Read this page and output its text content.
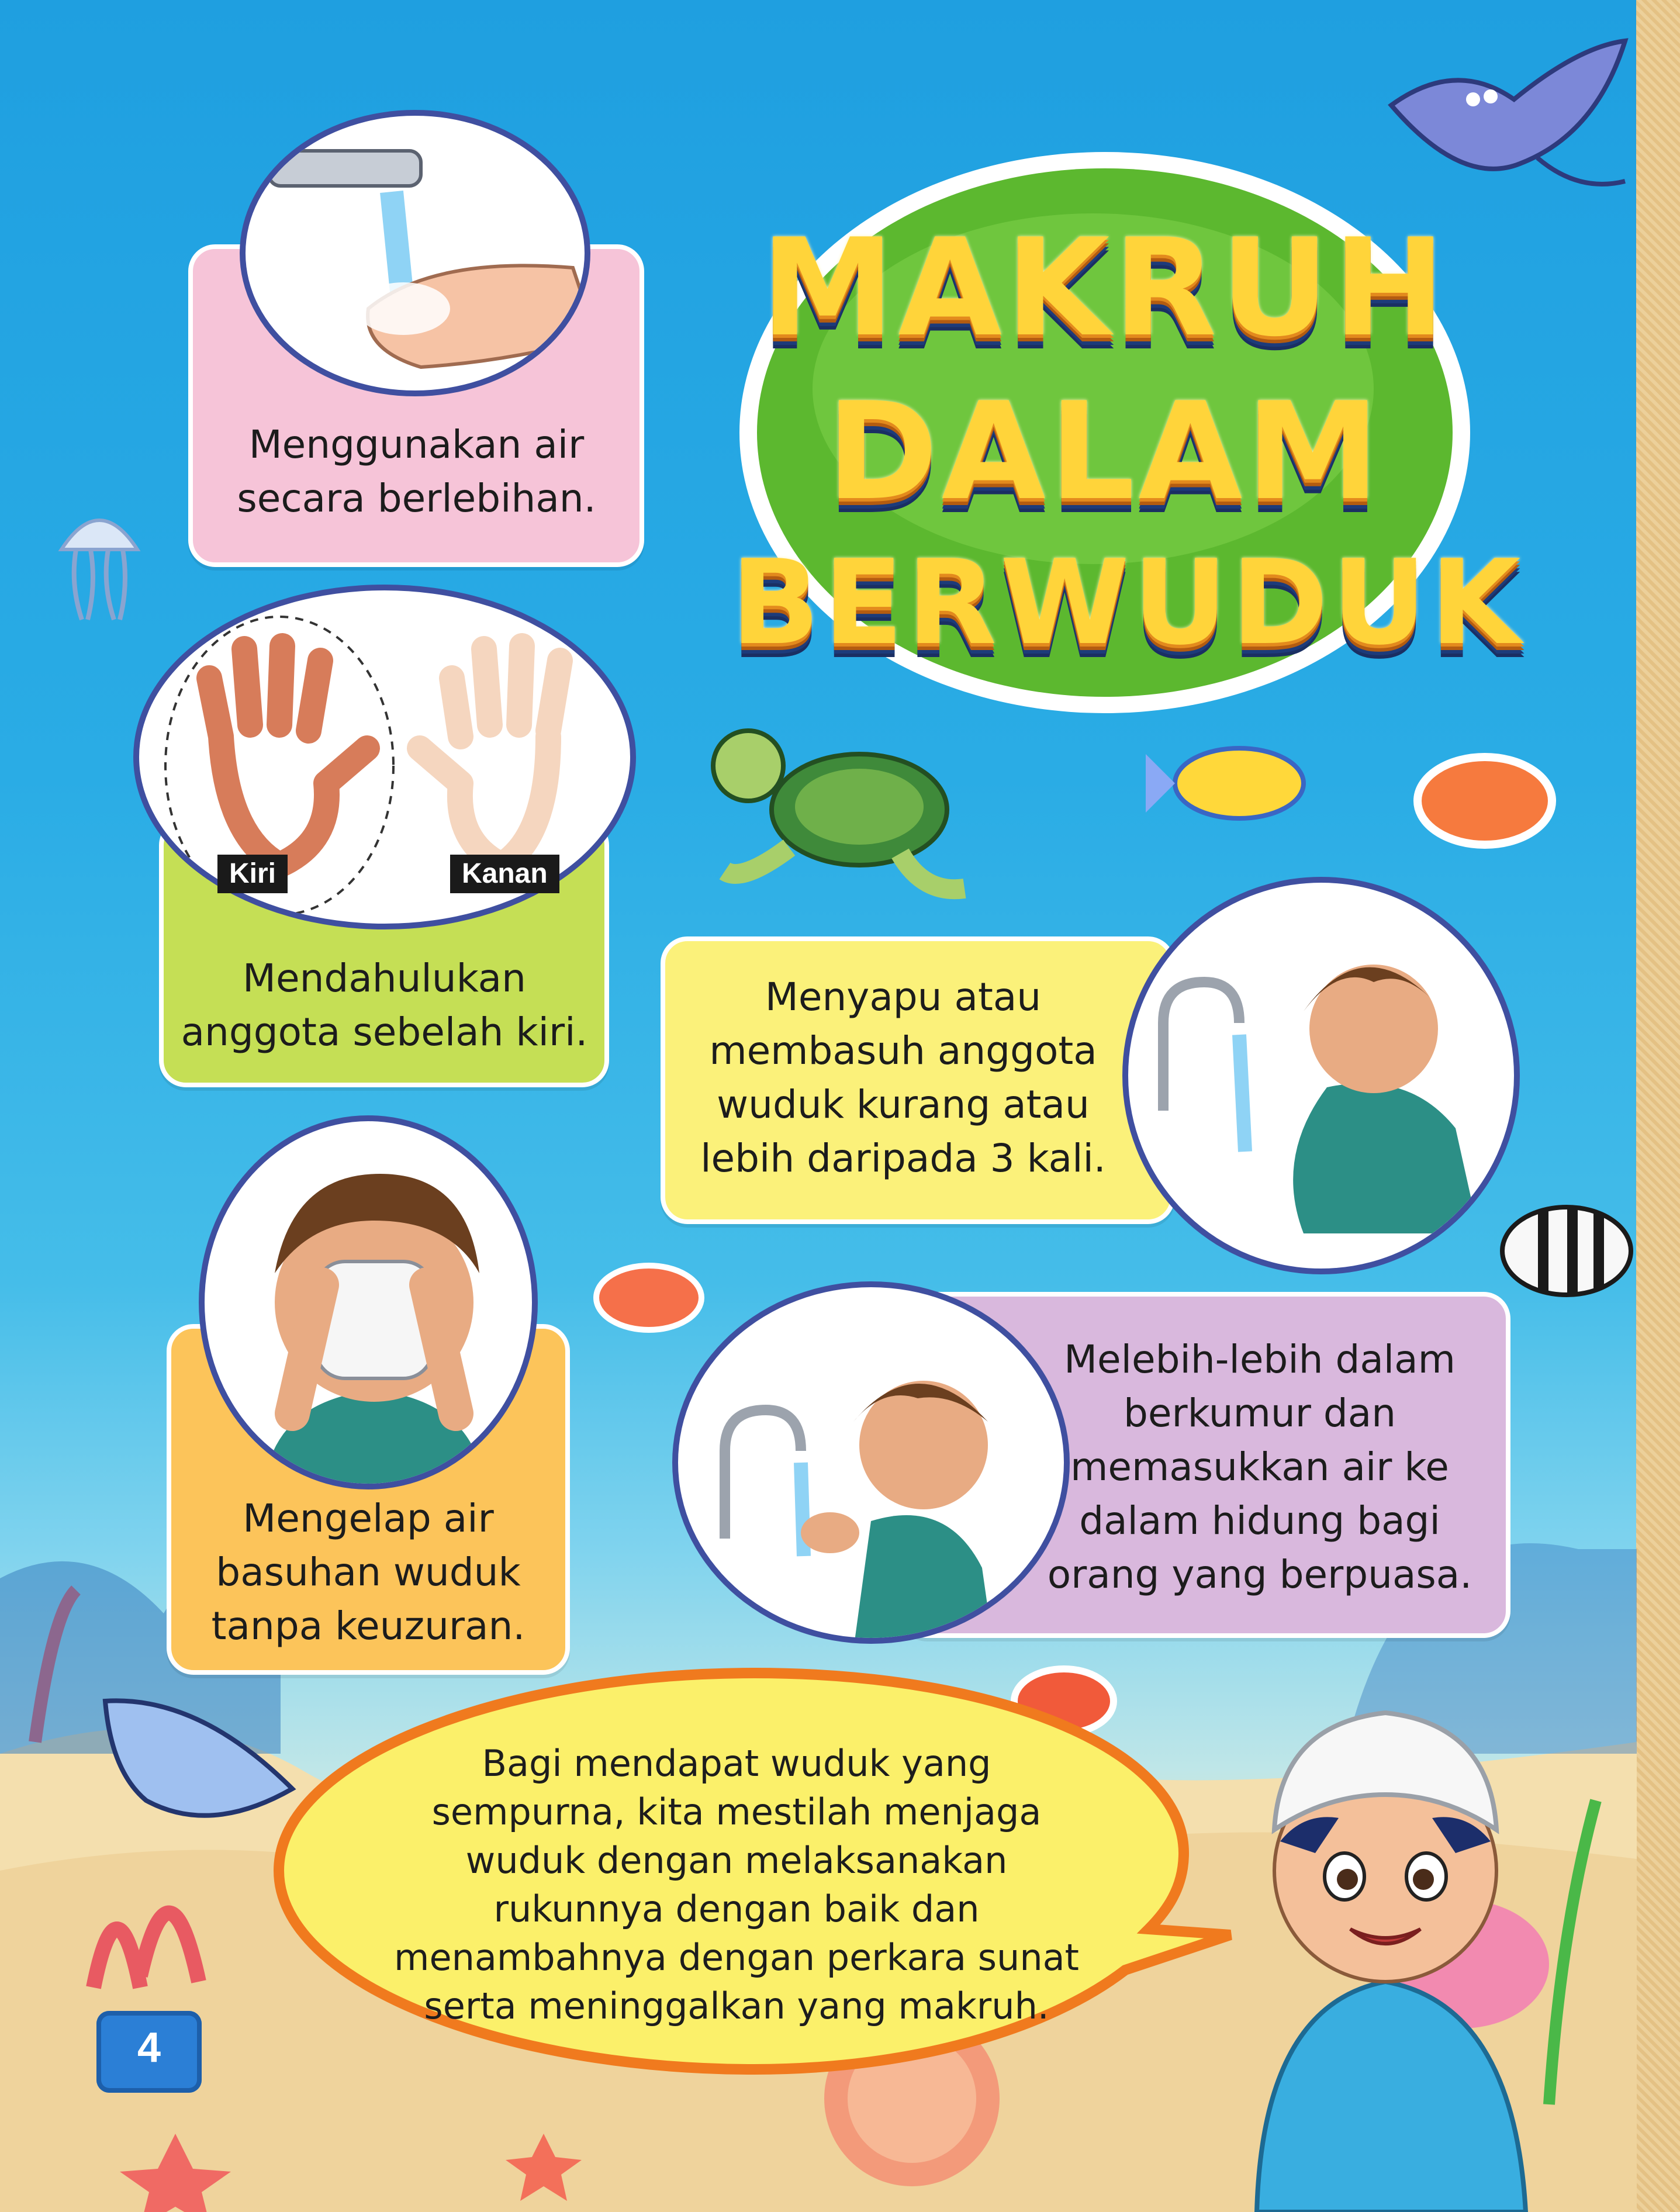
MAKRUH
DALAM
BERWUDUK
Menggunakan air
secara berlebihan.
Kiri	Kanan
Mendahulukan
anggota sebelah kiri.
Menyapu atau
membasuh anggota
wuduk kurang atau
lebih daripada 3 kali.
Mengelap air
basuhan wuduk
tanpa keuzuran.
Melebih-lebih dalam
berkumur dan
memasukkan air ke
dalam hidung bagi
orang yang berpuasa.
Bagi mendapat wuduk yang
sempurna, kita mestilah menjaga
wuduk dengan melaksanakan
rukunnya dengan baik dan
menambahnya dengan perkara sunat
serta meninggalkan yang makruh.
4
